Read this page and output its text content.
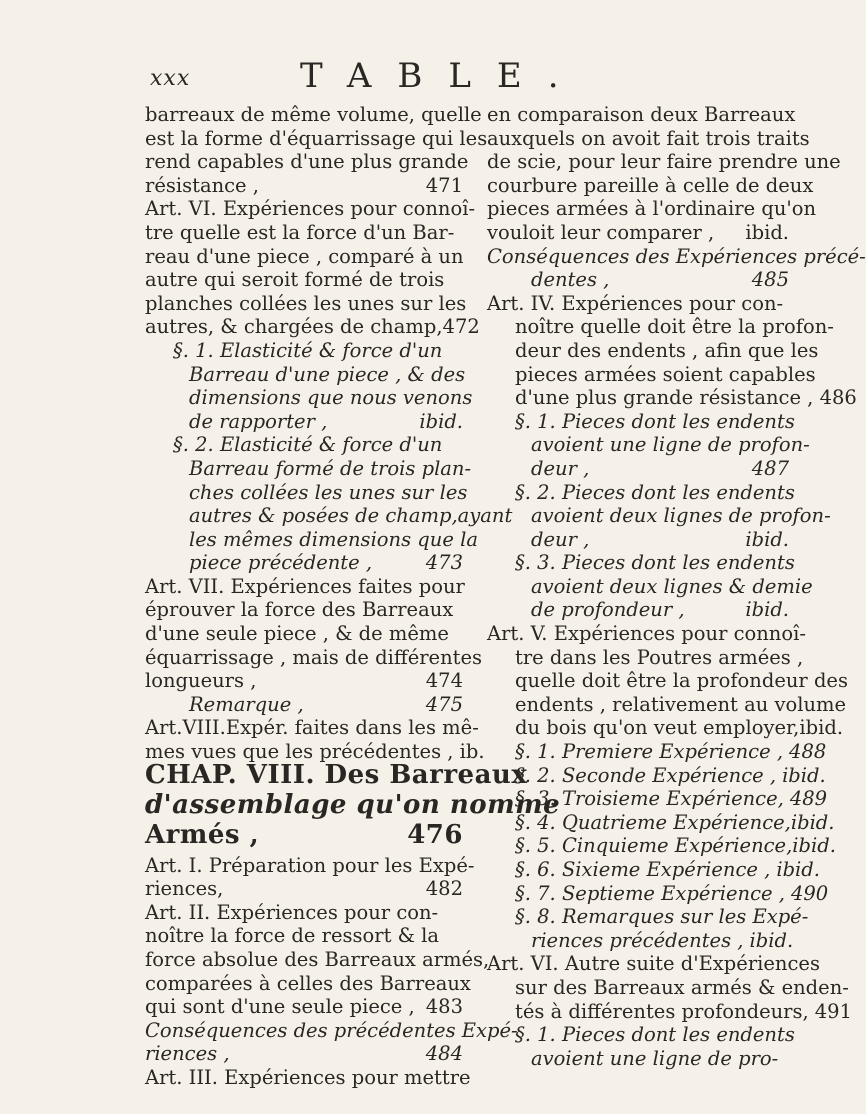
xxx	TABLE.
barreaux de même volume, quelle
est la forme d'équarrissage qui les
rend capables d'une plus grande
résistance ,	471
Art. VI. Expériences pour connoî-
tre quelle est la force d'un Bar-
reau d'une piece , comparé à un
autre qui seroit formé de trois
planches collées les unes sur les
autres, & chargées de champ,472
§. 1. Elasticité & force d'un
Barreau d'une piece , & des
dimensions que nous venons
de rapporter ,	ibid.
§. 2. Elasticité & force d'un
Barreau formé de trois plan-
ches collées les unes sur les
autres & posées de champ,ayant
les mêmes dimensions que la
piece précédente ,	473
Art. VII. Expériences faites pour
éprouver la force des Barreaux
d'une seule piece , & de même
équarrissage , mais de différentes
longueurs ,	474
Remarque ,	475
Art.VIII.Expér. faites dans les mê-
mes vues que les précédentes , ib.
CHAP. VIII. Des Barreaux
d'assemblage qu'on nomme
Armés ,	476
Art. I. Préparation pour les Expé-
riences,	482
Art. II. Expériences pour con-
noître la force de ressort & la
force absolue des Barreaux armés,
comparées à celles des Barreaux
qui sont d'une seule piece , 483
Conséquences des précédentes Expé-
riences ,	484
Art. III. Expériences pour mettre
en comparaison deux Barreaux
auxquels on avoit fait trois traits
de scie, pour leur faire prendre une
courbure pareille à celle de deux
pieces armées à l'ordinaire qu'on
vouloit leur comparer ,	ibid.
Conséquences des Expériences précé-
dentes ,	485
Art. IV. Expériences pour con-
noître quelle doit être la profon-
deur des endents , afin que les
pieces armées soient capables
d'une plus grande résistance , 486
§. 1. Pieces dont les endents
avoient une ligne de profon-
deur ,	487
§. 2. Pieces dont les endents
avoient deux lignes de profon-
deur ,	ibid.
§. 3. Pieces dont les endents
avoient deux lignes & demie
de profondeur ,	ibid.
Art. V. Expériences pour connoî-
tre dans les Poutres armées ,
quelle doit être la profondeur des
endents , relativement au volume
du bois qu'on veut employer,ibid.
§. 1. Premiere Expérience , 488
§. 2. Seconde Expérience , ibid.
§. 3. Troisieme Expérience, 489
§. 4. Quatrieme Expérience,ibid.
§. 5. Cinquieme Expérience,ibid.
§. 6. Sixieme Expérience , ibid.
§. 7. Septieme Expérience , 490
§. 8. Remarques sur les Expé-
riences précédentes , ibid.
Art. VI. Autre suite d'Expériences
sur des Barreaux armés & enden-
tés à différentes profondeurs, 491
§. 1. Pieces dont les endents
avoient une ligne de pro-
